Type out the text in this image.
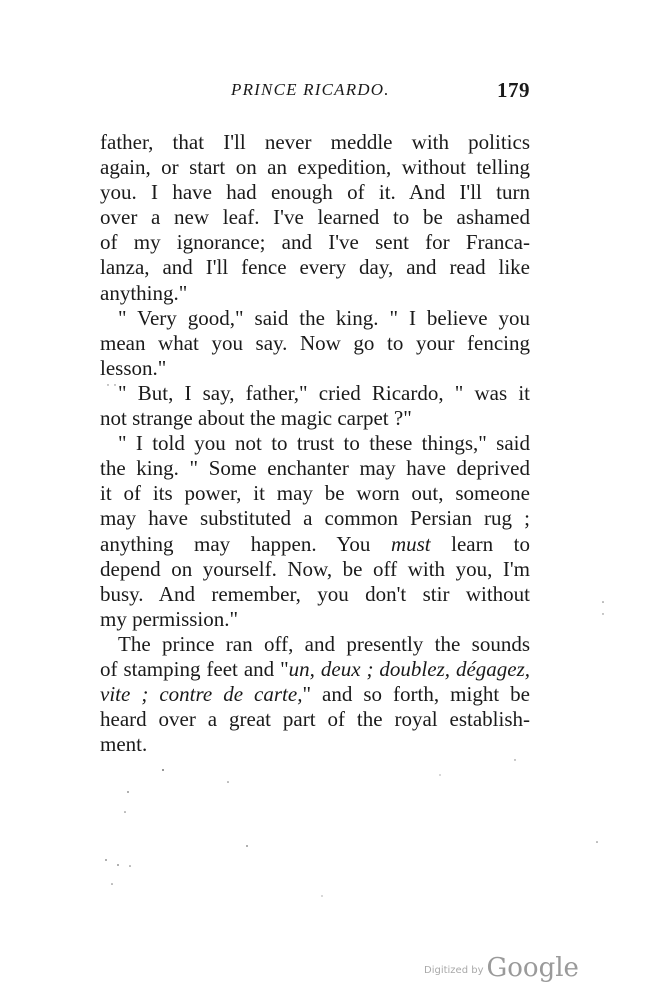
PRINCE RICARDO.	179
father, that I'll never meddle with politics
again, or start on an expedition, without telling
you. I have had enough of it. And I'll turn
over a new leaf. I've learned to be ashamed
of my ignorance; and I've sent for Franca-
lanza, and I'll fence every day, and read like
anything."
" Very good," said the king. " I believe you
mean what you say. Now go to your fencing
lesson."
" But, I say, father," cried Ricardo, " was it
not strange about the magic carpet ?"
" I told you not to trust to these things," said
the king. " Some enchanter may have deprived
it of its power, it may be worn out, someone
may have substituted a common Persian rug ;
anything may happen. You must learn to
depend on yourself. Now, be off with you, I'm
busy. And remember, you don't stir without
my permission."
The prince ran off, and presently the sounds
of stamping feet and "un, deux ; doublez, dégagez,
vite ; contre de carte," and so forth, might be
heard over a great part of the royal establish-
ment.
Digitized by Google
